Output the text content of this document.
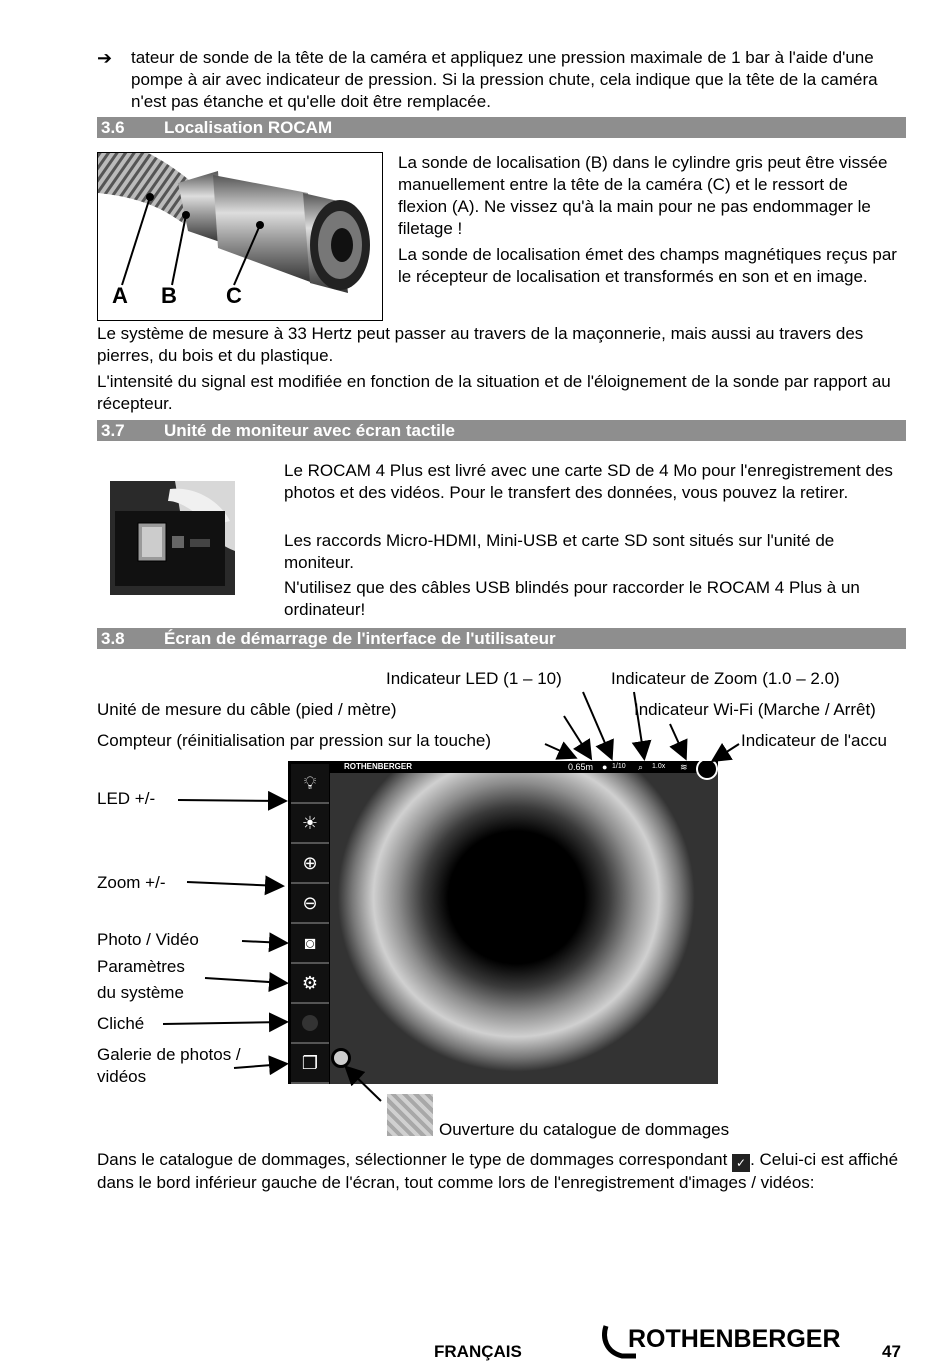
➔ tateur de sonde de la tête de la caméra et appliquez une pression maximale de 1 bar à l'aide d'une pompe à air avec indicateur de pression. Si la pression chute, cela indique que la tête de la caméra n'est pas étanche et qu'elle doit être remplacée.
3.6 Localisation ROCAM
A B C
La sonde de localisation (B) dans le cylindre gris peut être vissée manuellement entre la tête de la caméra (C) et le ressort de flexion (A). Ne vissez qu'à la main pour ne pas endommager le filetage !
La sonde de localisation émet des champs magnétiques reçus par le récepteur de localisation et transformés en son et en image.
Le système de mesure à 33 Hertz peut passer au travers de la maçonnerie, mais aussi au travers des pierres, du bois et du plastique.
L'intensité du signal est modifiée en fonction de la situation et de l'éloignement de la sonde par rapport au récepteur.
3.7 Unité de moniteur avec écran tactile
Le ROCAM 4 Plus est livré avec une carte SD de 4 Mo pour l'enregistrement des photos et des vidéos. Pour le transfert des données, vous pouvez la retirer.
Les raccords Micro-HDMI, Mini-USB et carte SD sont situés sur l'unité de moniteur.
N'utilisez que des câbles USB blindés pour raccorder le ROCAM 4 Plus à un ordinateur!
3.8 Écran de démarrage de l'interface de l'utilisateur
Indicateur LED (1 – 10)	Indicateur de Zoom (1.0 – 2.0)
Unité de mesure du câble (pied / mètre)	Indicateur Wi-Fi (Marche / Arrêt)
Compteur (réinitialisation par pression sur la touche)	Indicateur de l'accu
LED +/-
Zoom +/-
Photo / Vidéo
Paramètres
du système
Cliché
Galerie de photos /
vidéos
ROTHENBERGER	0.65m ● 1/10 ⌕ 1.0x ≋
💡︎
☀
⊕
⊖
◙
⚙
❐
Ouverture du catalogue de dommages
Dans le catalogue de dommages, sélectionner le type de dommages correspondant ✓ . Celui-ci est affiché dans le bord inférieur gauche de l'écran, tout comme lors de l'enregistrement d'images / vidéos:
FRANÇAIS	ROTHENBERGER 47
